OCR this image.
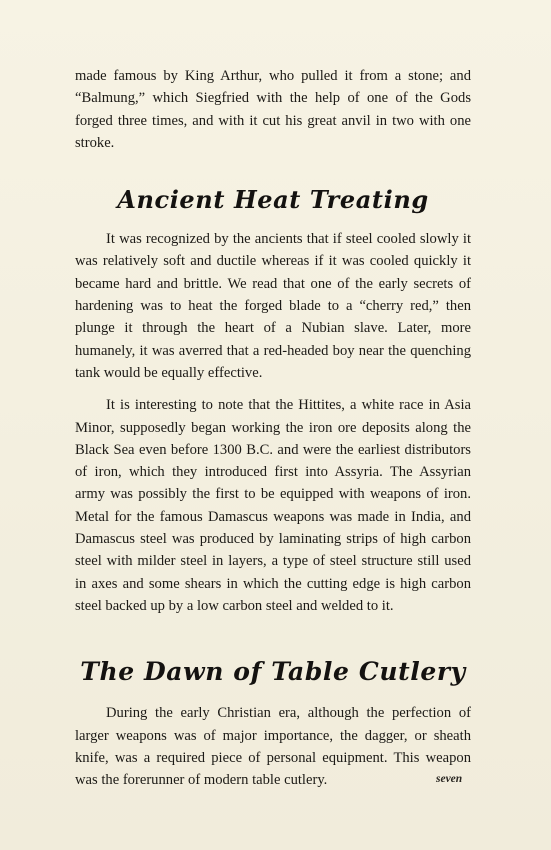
made famous by King Arthur, who pulled it from a stone; and “Balmung,” which Siegfried with the help of one of the Gods forged three times, and with it cut his great anvil in two with one stroke.

Ancient Heat Treating

It was recognized by the ancients that if steel cooled slowly it was relatively soft and ductile whereas if it was cooled quickly it became hard and brittle. We read that one of the early secrets of hardening was to heat the forged blade to a “cherry red,” then plunge it through the heart of a Nubian slave. Later, more humanely, it was averred that a red-headed boy near the quenching tank would be equally effective.

It is interesting to note that the Hittites, a white race in Asia Minor, supposedly began working the iron ore deposits along the Black Sea even before 1300 B.C. and were the earliest distributors of iron, which they introduced first into Assyria. The Assyrian army was possibly the first to be equipped with weapons of iron. Metal for the famous Damascus weapons was made in India, and Damascus steel was produced by laminating strips of high carbon steel with milder steel in layers, a type of steel structure still used in axes and some shears in which the cutting edge is high carbon steel backed up by a low carbon steel and welded to it.

The Dawn of Table Cutlery

During the early Christian era, although the perfection of larger weapons was of major importance, the dagger, or sheath knife, was a required piece of personal equipment. This weapon was the forerunner of modern table cutlery.	seven
